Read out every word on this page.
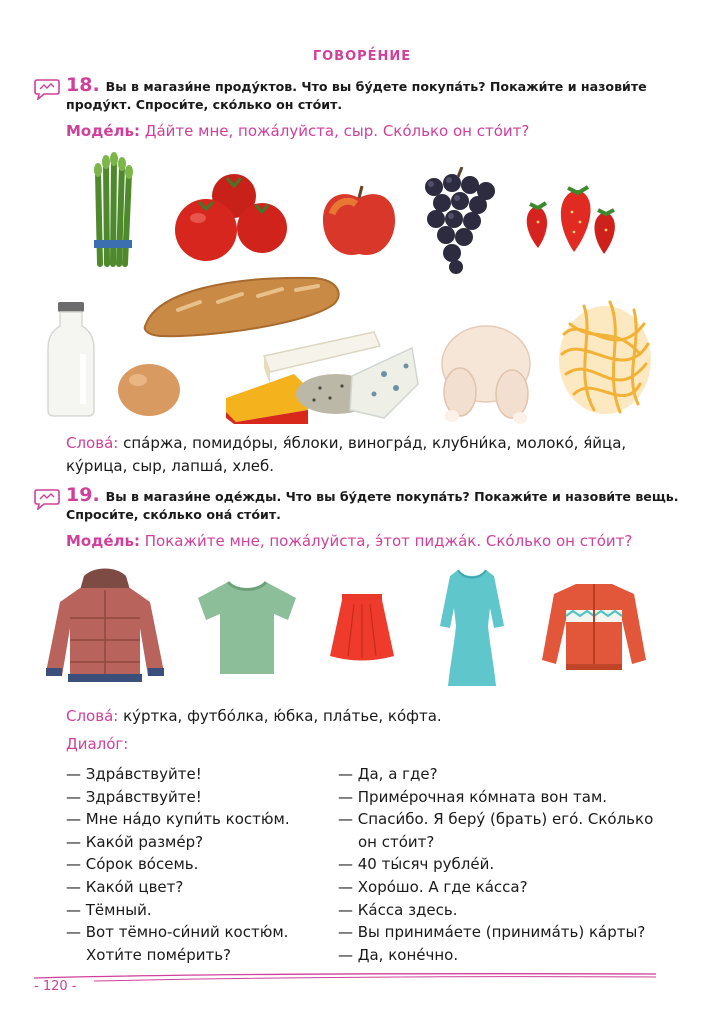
ГОВОРЕ́НИЕ
18. Вы в магази́не проду́ктов. Что вы бу́дете покупа́ть? Покажи́те и назови́те проду́кт. Спроси́те, ско́лько он сто́ит.
Моде́ль: Да́йте мне, пожа́луйста, сыр. Ско́лько он сто́ит?
Слова́: спа́ржа, помидо́ры, я́блоки, виногра́д, клубни́ка, молоко́, я́йца,
ку́рица, сыр, лапша́, хлеб.
19. Вы в магази́не оде́жды. Что вы бу́дете покупа́ть? Покажи́те и назови́те вещь. Спроси́те, ско́лько она́ сто́ит.
Моде́ль: Покажи́те мне, пожа́луйста, э́тот пиджа́к. Ско́лько он сто́ит?
Слова́: ку́ртка, футбо́лка, ю́бка, пла́тье, ко́фта.
Диало́г:
— Здра́вствуйте!
— Здра́вствуйте!
— Мне на́до купи́ть костю́м.
— Како́й разме́р?
— Со́рок во́семь.
— Како́й цвет?
— Тёмный.
— Вот тёмно-си́ний костю́м.
Хоти́те поме́рить?
— Да, а где?
— Приме́рочная ко́мната вон там.
— Спаси́бо. Я беру́ (брать) его́. Ско́лько
он сто́ит?
— 40 ты́сяч рубле́й.
— Хоро́шо. А где ка́сса?
— Ка́сса здесь.
— Вы принима́ете (принима́ть) ка́рты?
— Да, коне́чно.
- 120 -
